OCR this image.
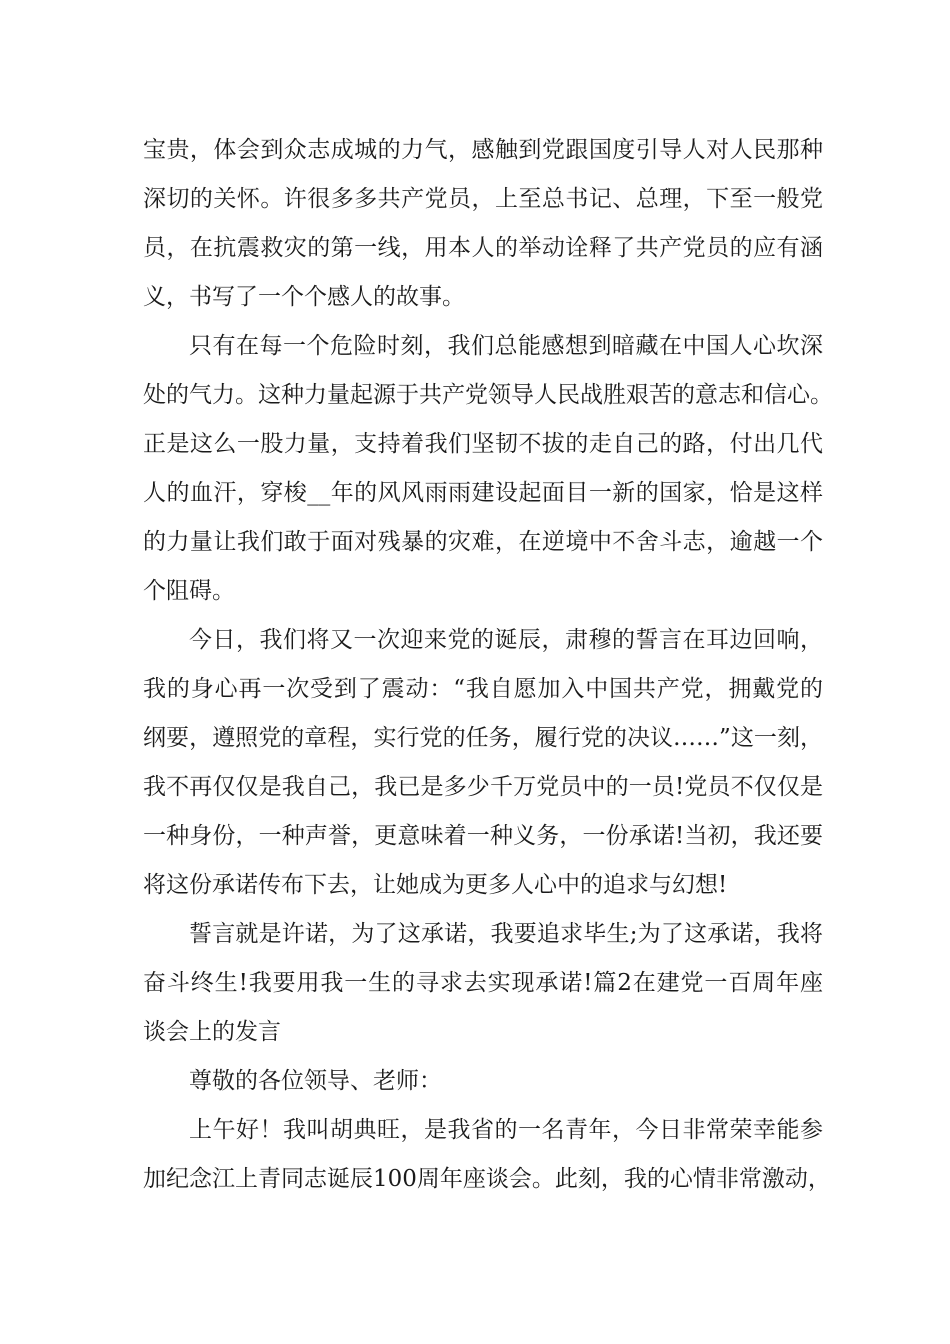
宝贵，体会到众志成城的力气，感触到党跟国度引导人对人民那种
深切的关怀。许很多多共产党员，上至总书记、总理，下至一般党
员，在抗震救灾的第一线，用本人的举动诠释了共产党员的应有涵
义，书写了一个个感人的故事。
只有在每一个危险时刻，我们总能感想到暗藏在中国人心坎深
处的气力。这种力量起源于共产党领导人民战胜艰苦的意志和信心。
正是这么一股力量，支持着我们坚韧不拔的走自己的路，付出几代
人的血汗，穿梭__年的风风雨雨建设起面目一新的国家，恰是这样
的力量让我们敢于面对残暴的灾难，在逆境中不舍斗志，逾越一个
个阻碍。
今日，我们将又一次迎来党的诞辰，肃穆的誓言在耳边回响，
我的身心再一次受到了震动：“我自愿加入中国共产党，拥戴党的
纲要，遵照党的章程，实行党的任务，履行党的决议……”这一刻，
我不再仅仅是我自己，我已是多少千万党员中的一员!党员不仅仅是
一种身份，一种声誉，更意味着一种义务，一份承诺!当初，我还要
将这份承诺传布下去，让她成为更多人心中的追求与幻想!
誓言就是许诺，为了这承诺，我要追求毕生;为了这承诺，我将
奋斗终生!我要用我一生的寻求去实现承诺!篇2在建党一百周年座
谈会上的发言
尊敬的各位领导、老师：
上午好！我叫胡典旺，是我省的一名青年，今日非常荣幸能参
加纪念江上青同志诞辰100周年座谈会。此刻，我的心情非常激动，
